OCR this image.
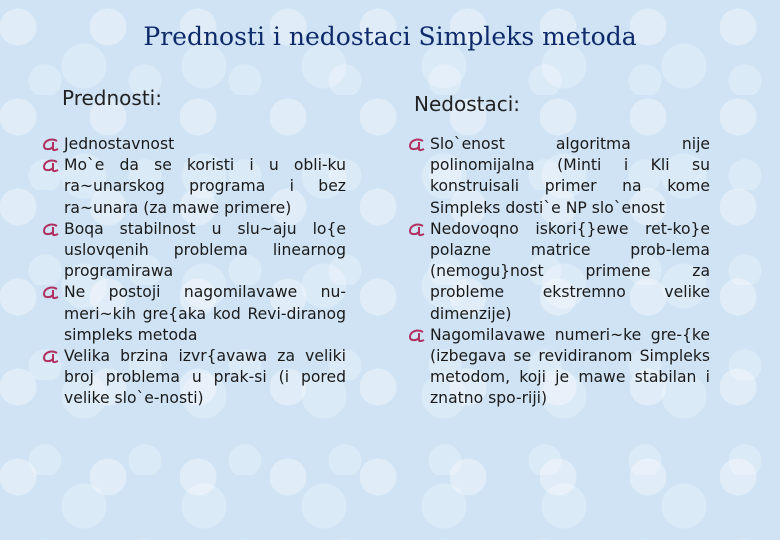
Prednosti i nedostaci Simpleks metoda
Prednosti:	Nedostaci:
Jednostavnost
Mo`e da se koristi i u obli-ku ra~unarskog programa i bez ra~unara (za mawe primere)
Boqa stabilnost u slu~aju lo{e uslovqenih problema linearnog programirawa
Ne postoji nagomilavawe nu-meri~kih gre{aka kod Revi-diranog simpleks metoda
Velika brzina izvr{avawa za veliki broj problema u prak-si (i pored velike slo`e-nosti)
Slo`enost algoritma nije polinomijalna (Minti i Kli su konstruisali primer na kome Simpleks dosti`e NP slo`enost
Nedovoqno iskori{}ewe ret-ko}e polazne matrice prob-lema (nemogu}nost primene za probleme ekstremno velike dimenzije)
Nagomilavawe numeri~ke gre-{ke (izbegava se revidiranom Simpleks metodom, koji je mawe stabilan i znatno spo-riji)
